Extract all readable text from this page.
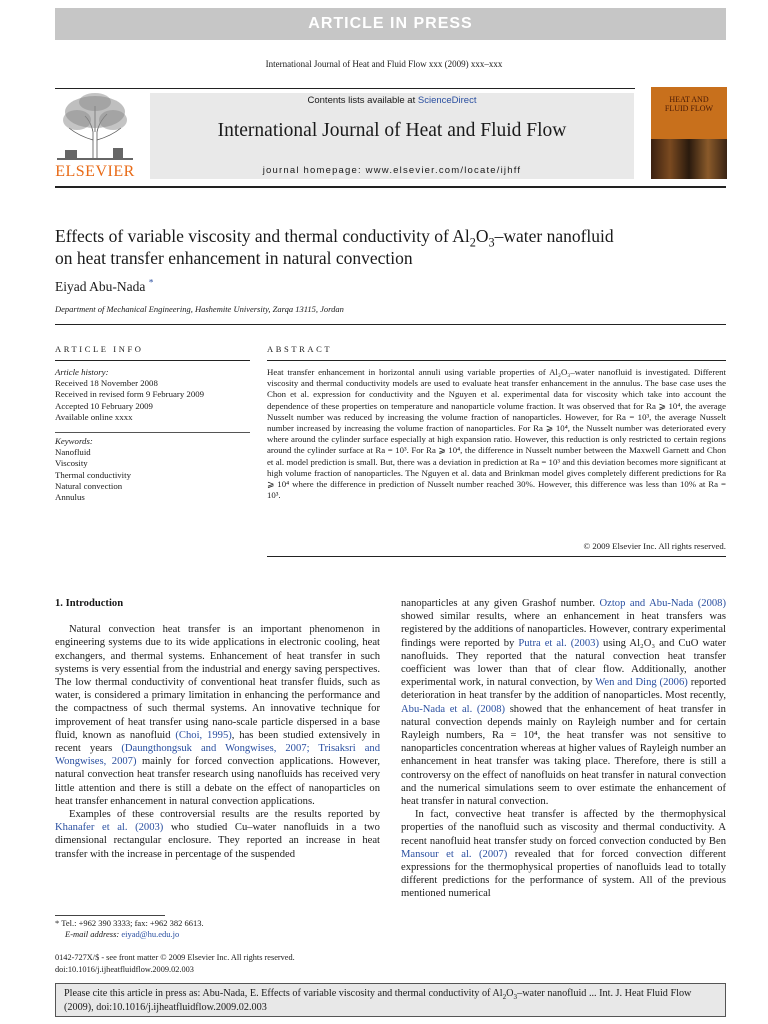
ARTICLE IN PRESS
International Journal of Heat and Fluid Flow xxx (2009) xxx–xxx
ELSEVIER
Contents lists available at ScienceDirect
International Journal of Heat and Fluid Flow
journal homepage: www.elsevier.com/locate/ijhff
HEAT AND FLUID FLOW
Effects of variable viscosity and thermal conductivity of $Al_2O_3$–water nanofluid
on heat transfer enhancement in natural convection
Eiyad Abu-Nada *
Department of Mechanical Engineering, Hashemite University, Zarqa 13115, Jordan
ARTICLE INFO	ABSTRACT
Article history:
Received 18 November 2008
Received in revised form 9 February 2009
Accepted 10 February 2009
Available online xxxx
Keywords:
Nanofluid
Viscosity
Thermal conductivity
Natural convection
Annulus
Heat transfer enhancement in horizontal annuli using variable properties of Al₂O₃–water nanofluid is investigated. Different viscosity and thermal conductivity models are used to evaluate heat transfer enhancement in the annulus. The base case uses the Chon et al. expression for conductivity and the Nguyen et al. experimental data for viscosity which take into account the dependence of these properties on temperature and nanoparticle volume fraction. It was observed that for Ra ⩾ 10⁴, the average Nusselt number was reduced by increasing the volume fraction of nanoparticles. However, for Ra = 10³, the average Nusselt number increased by increasing the volume fraction of nanoparticles. For Ra ⩾ 10⁴, the Nusselt number was deteriorated every where around the cylinder surface especially at high expansion ratio. However, this reduction is only restricted to certain regions around the cylinder surface at Ra = 10³. For Ra ⩾ 10⁴, the difference in Nusselt number between the Maxwell Garnett and Chon et al. model prediction is small. But, there was a deviation in prediction at Ra = 10³ and this deviation becomes more significant at high volume fraction of nanoparticles. The Nguyen et al. data and Brinkman model gives completely different predictions for Ra ⩾ 10⁴ where the difference in prediction of Nusselt number reached 30%. However, this difference was less than 10% at Ra = 10³.
© 2009 Elsevier Inc. All rights reserved.
1. Introduction
Natural convection heat transfer is an important phenomenon in engineering systems due to its wide applications in electronic cooling, heat exchangers, and thermal systems. Enhancement of heat transfer in such systems is very essential from the industrial and energy saving perspectives. The low thermal conductivity of conventional heat transfer fluids, such as water, is considered a primary limitation in enhancing the performance and the compactness of such thermal systems. An innovative technique for improvement of heat transfer using nano-scale particle dispersed in a base fluid, known as nanofluid (Choi, 1995), has been studied extensively in recent years (Daungthongsuk and Wongwises, 2007; Trisaksri and Wongwises, 2007) mainly for forced convection applications. However, natural convection heat transfer research using nanofluids has received very little attention and there is still a debate on the effect of nanoparticles on heat transfer enhancement in natural convection applications.
Examples of these controversial results are the results reported by Khanafer et al. (2003) who studied Cu–water nanofluids in a two dimensional rectangular enclosure. They reported an increase in heat transfer with the increase in percentage of the suspended
nanoparticles at any given Grashof number. Oztop and Abu-Nada (2008) showed similar results, where an enhancement in heat transfers was registered by the additions of nanoparticles. However, contrary experimental findings were reported by Putra et al. (2003) using Al₂O₃ and CuO water nanofluids. They reported that the natural convection heat transfer coefficient was lower than that of clear flow. Additionally, another experimental work, in natural convection, by Wen and Ding (2006) reported deterioration in heat transfer by the addition of nanoparticles. Most recently, Abu-Nada et al. (2008) showed that the enhancement of heat transfer in natural convection depends mainly on Rayleigh number and for certain Rayleigh numbers, Ra = 10⁴, the heat transfer was not sensitive to nanoparticles concentration whereas at higher values of Rayleigh number an enhancement in heat transfer was taking place. Therefore, there is still a controversy on the effect of nanofluids on heat transfer in natural convection and the numerical simulations seem to over estimate the enhancement of heat transfer in natural convection.
In fact, convective heat transfer is affected by the thermophysical properties of the nanofluid such as viscosity and thermal conductivity. A recent nanofluid heat transfer study on forced convection conducted by Ben Mansour et al. (2007) revealed that for forced convection different expressions for the thermophysical properties of nanofluids lead to totally different predictions for the performance of system. All of the previous mentioned numerical
* Tel.: +962 390 3333; fax: +962 382 6613.
E-mail address: eiyad@hu.edu.jo
0142-727X/$ - see front matter © 2009 Elsevier Inc. All rights reserved.
doi:10.1016/j.ijheatfluidflow.2009.02.003
Please cite this article in press as: Abu-Nada, E. Effects of variable viscosity and thermal conductivity of $Al_2O_3$–water nanofluid ... Int. J. Heat Fluid Flow (2009), doi:10.1016/j.ijheatfluidflow.2009.02.003
